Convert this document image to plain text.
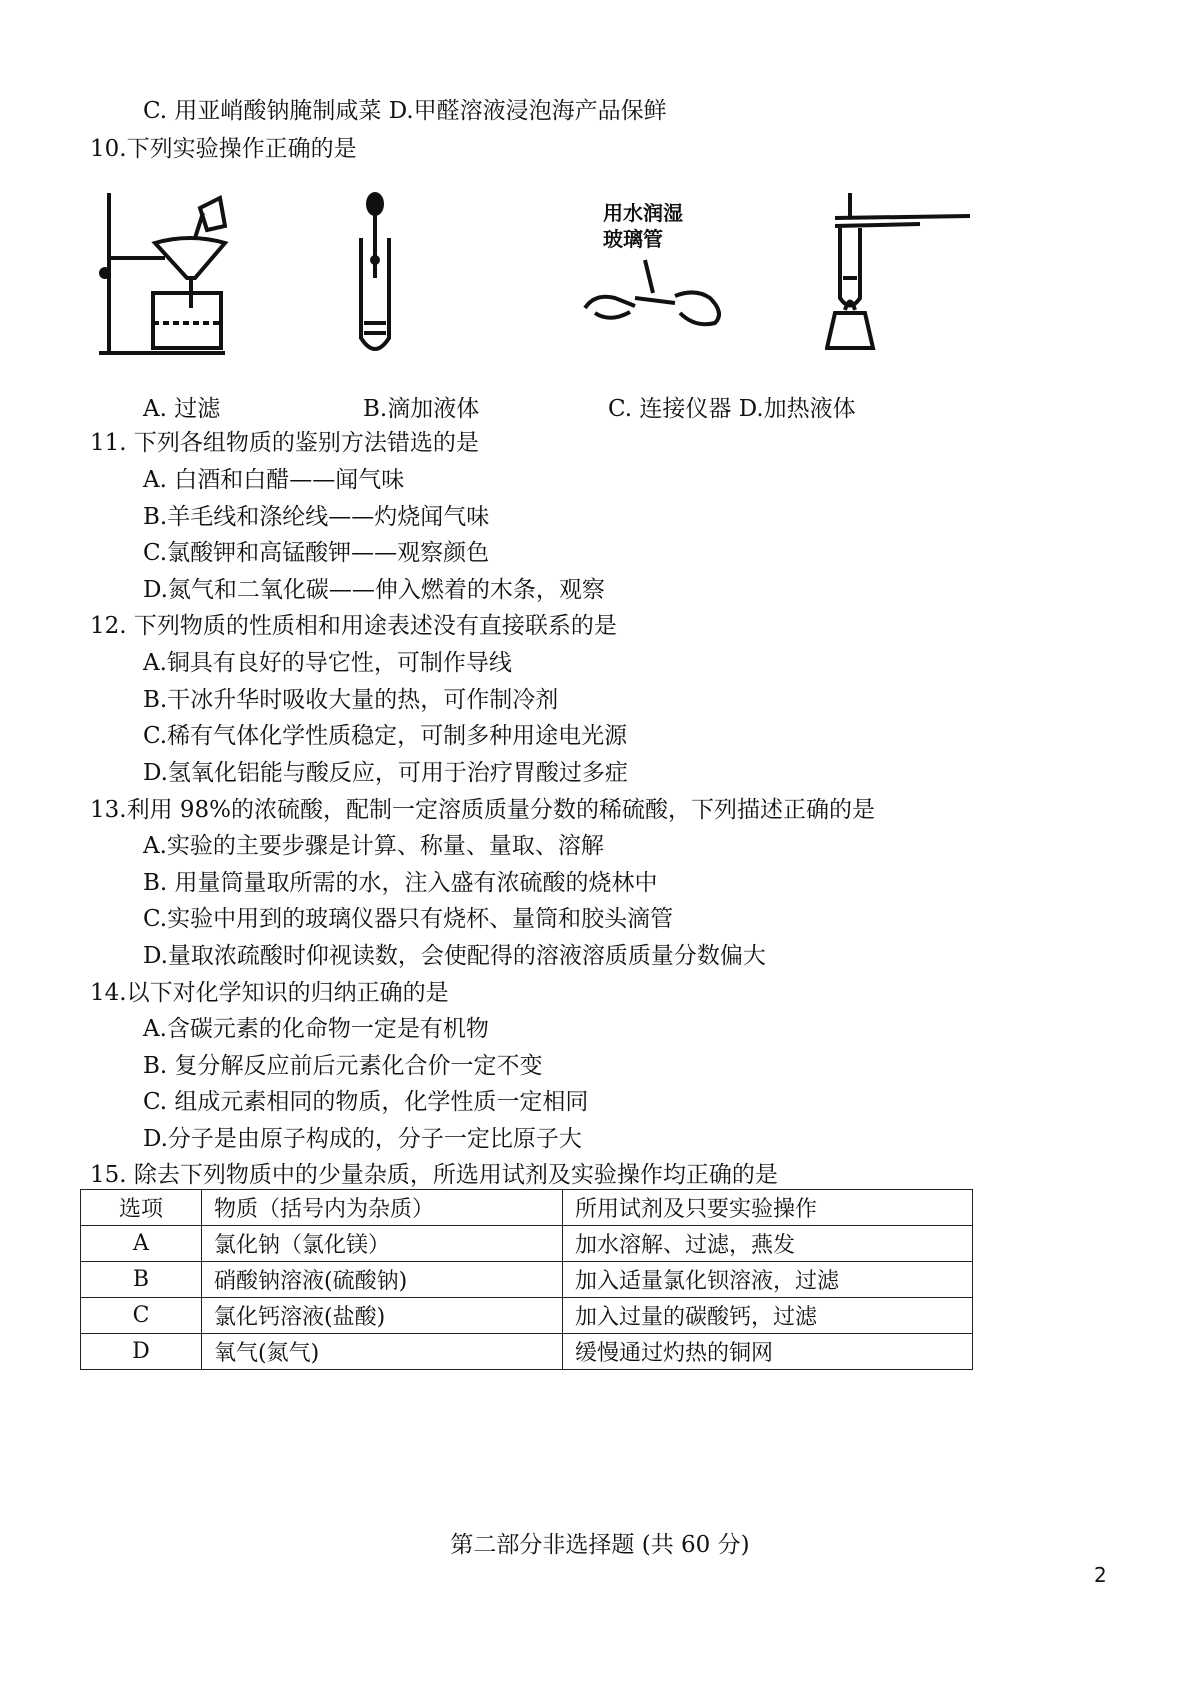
C. 用亚峭酸钠腌制咸菜 D.甲醛溶液浸泡海产品保鲜
10.下列实验操作正确的是
用水润湿玻璃管
A. 过滤	B.滴加液体	C. 连接仪器 D.加热液体
11. 下列各组物质的鉴别方法错选的是
A. 白酒和白醋——闻气味
B.羊毛线和涤纶线——灼烧闻气味
C.氯酸钾和高锰酸钾——观察颜色
D.氮气和二氧化碳——伸入燃着的木条，观察
12. 下列物质的性质相和用途表述没有直接联系的是
A.铜具有良好的导它性，可制作导线
B.干冰升华时吸收大量的热，可作制冷剂
C.稀有气体化学性质稳定，可制多种用途电光源
D.氢氧化铝能与酸反应，可用于治疗胃酸过多症
13.利用 98%的浓硫酸，配制一定溶质质量分数的稀硫酸，下列描述正确的是
A.实验的主要步骤是计算、称量、量取、溶解
B. 用量筒量取所需的水，注入盛有浓硫酸的烧林中
C.实验中用到的玻璃仪器只有烧杯、量筒和胶头滴管
D.量取浓疏酸时仰视读数，会使配得的溶液溶质质量分数偏大
14.以下对化学知识的归纳正确的是
A.含碳元素的化命物一定是有机物
B. 复分解反应前后元素化合价一定不变
C. 组成元素相同的物质，化学性质一定相同
D.分子是由原子构成的，分子一定比原子大
15. 除去下列物质中的少量杂质，所选用试剂及实验操作均正确的是
选项	物质（括号内为杂质）	所用试剂及只要实验操作
A	氯化钠（氯化镁）	加水溶解、过滤，燕发
B	硝酸钠溶液(硫酸钠)	加入适量氯化钡溶液，过滤
C	氯化钙溶液(盐酸)	加入过量的碳酸钙，过滤
D	氧气(氮气)	缓慢通过灼热的铜网
第二部分非选择题 (共 60 分)
2
